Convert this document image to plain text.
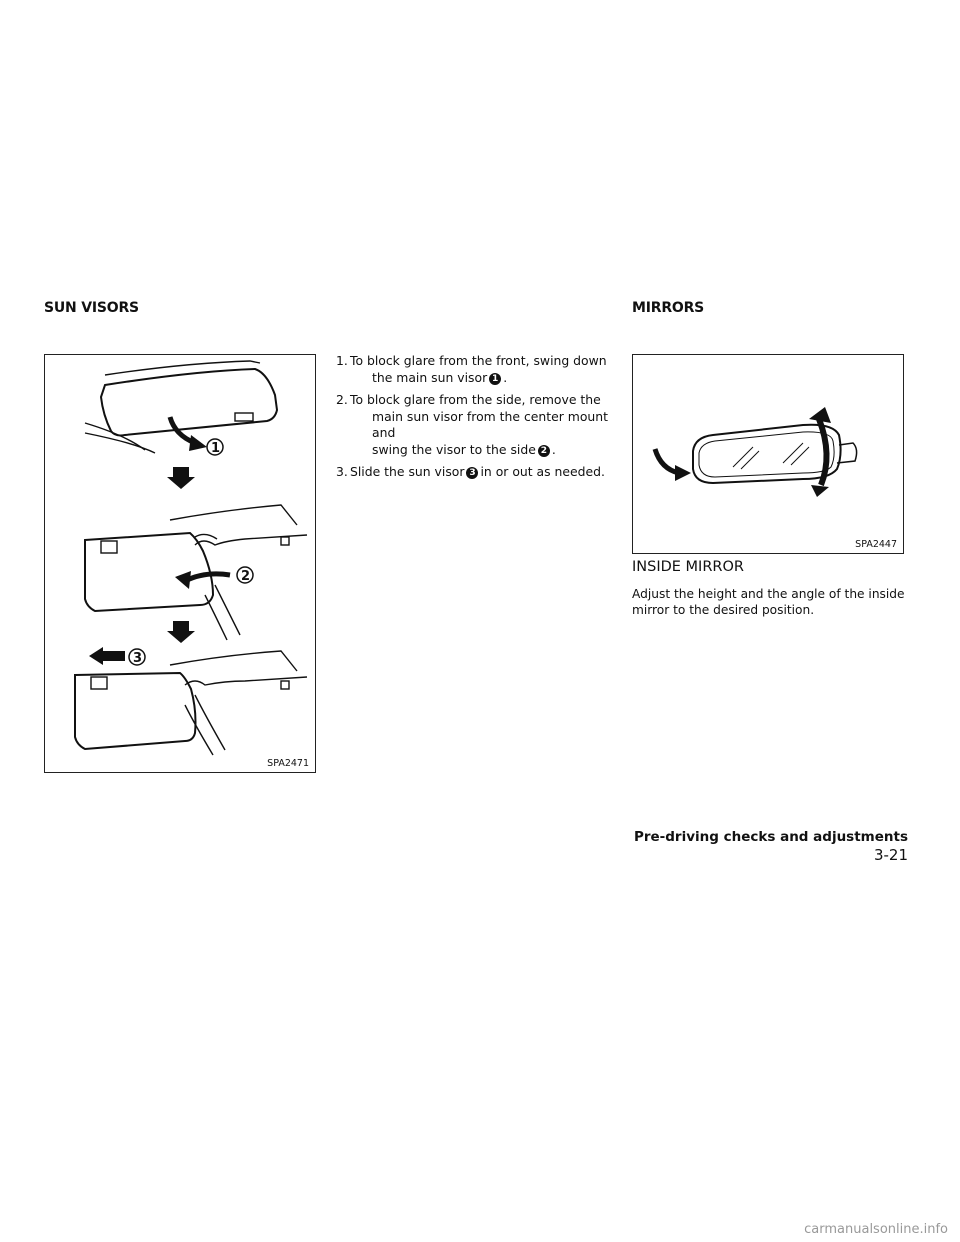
SUN VISORS	MIRRORS
1
2
3
SPA2471
1. To block glare from the front, swing down
the main sun visor 1 .
2. To block glare from the side, remove the
main sun visor from the center mount and
swing the visor to the side 2 .
3. Slide the sun visor 3 in or out as needed.
SPA2447
INSIDE MIRROR
Adjust the height and the angle of the inside
mirror to the desired position.
Pre-driving checks and adjustments  3-21
carmanualsonline.info
